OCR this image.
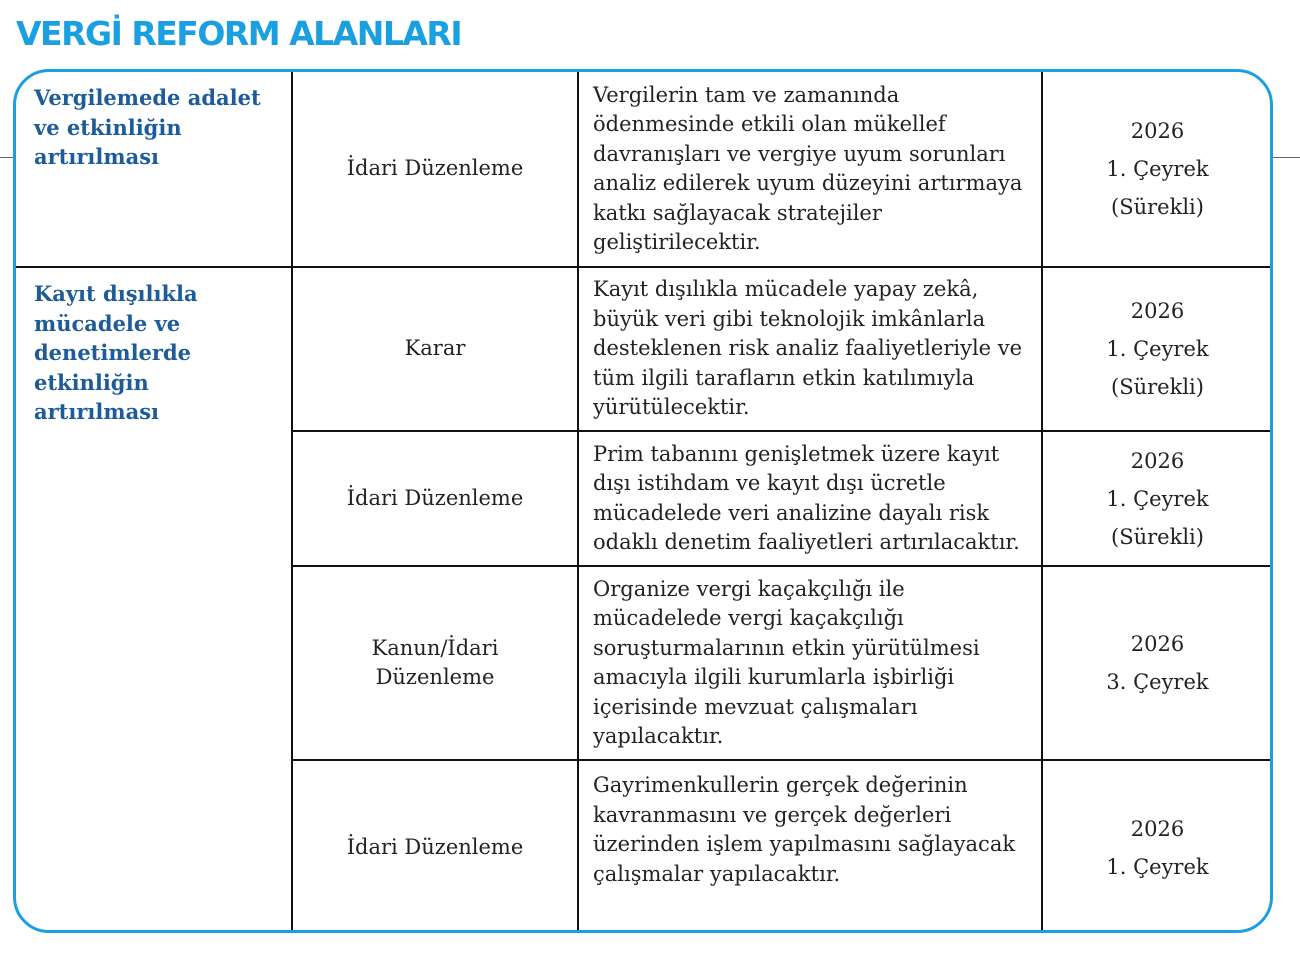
VERGİ REFORM ALANLARI
Vergilemede adalet ve etkinliğin artırılması	İdari Düzenleme	Vergilerin tam ve zamanında ödenmesinde etkili olan mükellef davranışları ve vergiye uyum sorunları analiz edilerek uyum düzeyini artırmaya katkı sağlayacak stratejiler geliştirilecektir.	2026
1. Çeyrek
(Sürekli)

Kayıt dışılıkla mücadele ve denetimlerde etkinliğin artırılması	Karar	Kayıt dışılıkla mücadele yapay zekâ, büyük veri gibi teknolojik imkânlarla desteklenen risk analiz faaliyetleriyle ve tüm ilgili tarafların etkin katılımıyla yürütülecektir.	2026
1. Çeyrek
(Sürekli)

	İdari Düzenleme	Prim tabanını genişletmek üzere kayıt dışı istihdam ve kayıt dışı ücretle mücadelede veri analizine dayalı risk odaklı denetim faaliyetleri artırılacaktır.	2026
1. Çeyrek
(Sürekli)

	Kanun/İdari Düzenleme	Organize vergi kaçakçılığı ile mücadelede vergi kaçakçılığı soruşturmalarının etkin yürütülmesi amacıyla ilgili kurumlarla işbirliği içerisinde mevzuat çalışmaları yapılacaktır.	2026
3. Çeyrek

	İdari Düzenleme	Gayrimenkullerin gerçek değerinin kavranmasını ve gerçek değerleri üzerinden işlem yapılmasını sağlayacak çalışmalar yapılacaktır.	2026
1. Çeyrek
